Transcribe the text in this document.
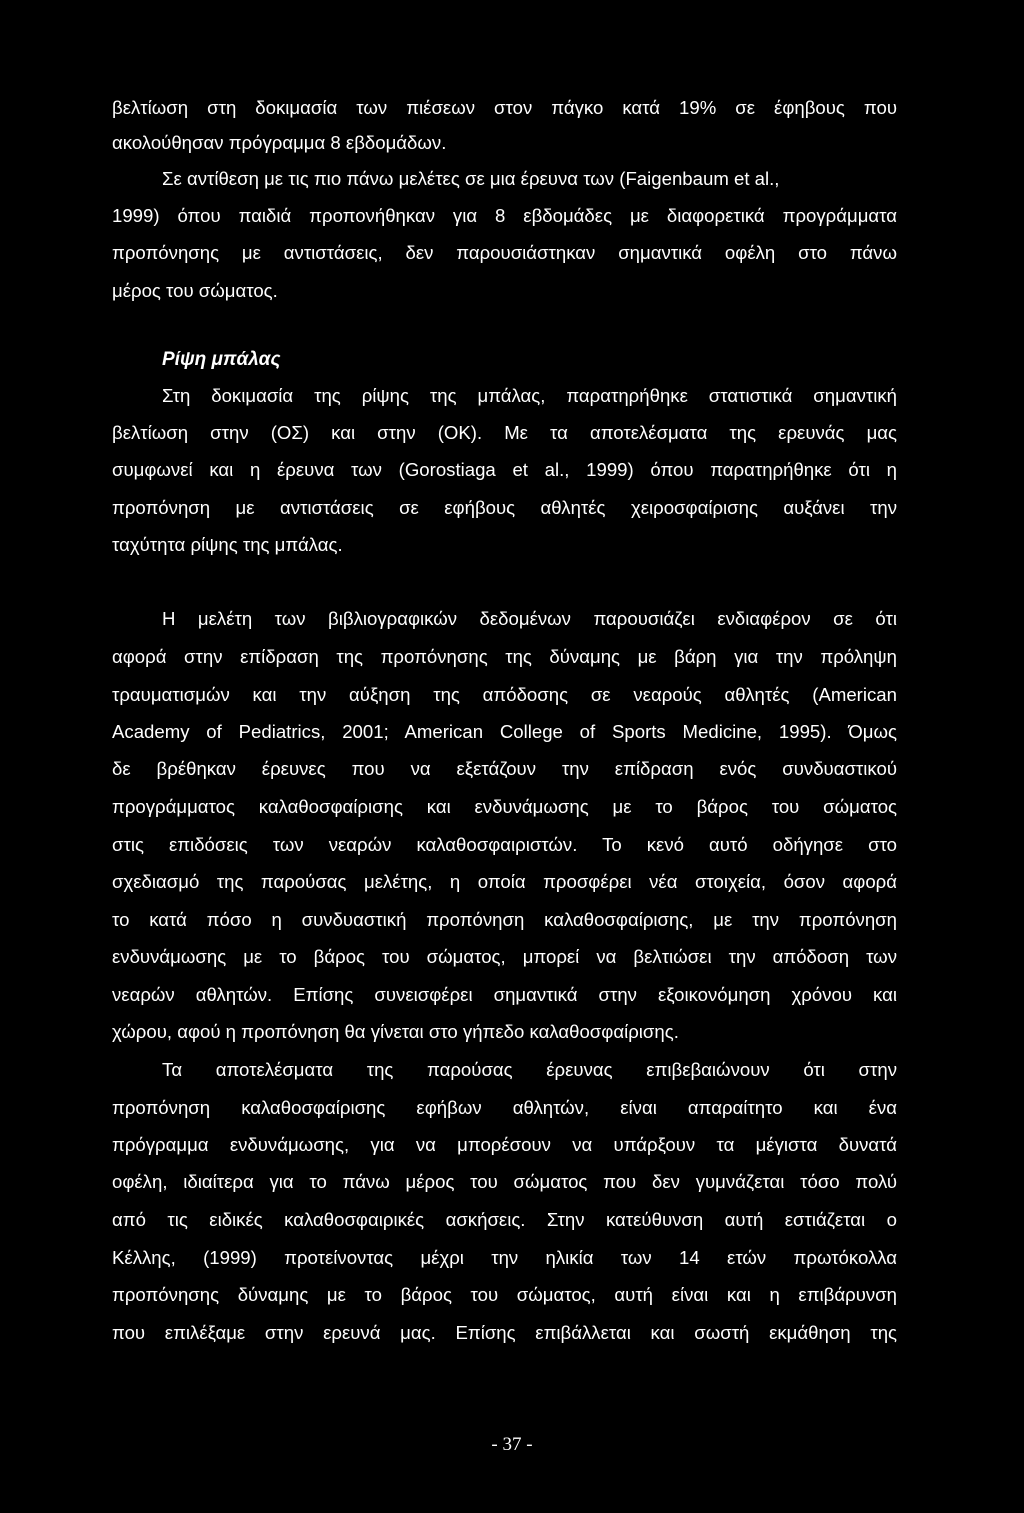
βελτίωση στη δοκιμασία των πιέσεων στον πάγκο κατά 19% σε έφηβους που
ακολούθησαν πρόγραμμα 8 εβδομάδων.
Σε αντίθεση με τις πιο πάνω μελέτες σε μια έρευνα των (Faigenbaum et al.,
1999) όπου παιδιά προπονήθηκαν για 8 εβδομάδες με διαφορετικά προγράμματα
προπόνησης με αντιστάσεις, δεν παρουσιάστηκαν σημαντικά οφέλη στο πάνω
μέρος του σώματος.
Ρίψη μπάλας
Στη δοκιμασία της ρίψης της μπάλας, παρατηρήθηκε στατιστικά σημαντική
βελτίωση στην (ΟΣ) και στην (ΟΚ). Με τα αποτελέσματα της ερευνάς μας
συμφωνεί και η έρευνα των (Gorostiaga et al., 1999) όπου παρατηρήθηκε ότι η
προπόνηση με αντιστάσεις σε εφήβους αθλητές χειροσφαίρισης αυξάνει την
ταχύτητα ρίψης της μπάλας.
Η μελέτη των βιβλιογραφικών δεδομένων παρουσιάζει ενδιαφέρον σε ότι
αφορά στην επίδραση της προπόνησης της δύναμης με βάρη για την πρόληψη
τραυματισμών και την αύξηση της απόδοσης σε νεαρούς αθλητές (American
Academy of Pediatrics, 2001; American College of Sports Medicine, 1995). Όμως
δε βρέθηκαν έρευνες που να εξετάζουν την επίδραση ενός συνδυαστικού
προγράμματος καλαθοσφαίρισης και ενδυνάμωσης με το βάρος του σώματος
στις επιδόσεις των νεαρών καλαθοσφαιριστών. Το κενό αυτό οδήγησε στο
σχεδιασμό της παρούσας μελέτης, η οποία προσφέρει νέα στοιχεία, όσον αφορά
το κατά πόσο η συνδυαστική προπόνηση καλαθοσφαίρισης, με την προπόνηση
ενδυνάμωσης με το βάρος του σώματος, μπορεί να βελτιώσει την απόδοση των
νεαρών αθλητών. Επίσης συνεισφέρει σημαντικά στην εξοικονόμηση χρόνου και
χώρου, αφού η προπόνηση θα γίνεται στο γήπεδο καλαθοσφαίρισης.
Τα αποτελέσματα της παρούσας έρευνας επιβεβαιώνουν ότι στην
προπόνηση καλαθοσφαίρισης εφήβων αθλητών, είναι απαραίτητο και ένα
πρόγραμμα ενδυνάμωσης, για να μπορέσουν να υπάρξουν τα μέγιστα δυνατά
οφέλη, ιδιαίτερα για το πάνω μέρος του σώματος που δεν γυμνάζεται τόσο πολύ
από τις ειδικές καλαθοσφαιρικές ασκήσεις. Στην κατεύθυνση αυτή εστιάζεται ο
Κέλλης, (1999) προτείνοντας μέχρι την ηλικία των 14 ετών πρωτόκολλα
προπόνησης δύναμης με το βάρος του σώματος, αυτή είναι και η επιβάρυνση
που επιλέξαμε στην ερευνά μας. Επίσης επιβάλλεται και σωστή εκμάθηση της
- 37 -
